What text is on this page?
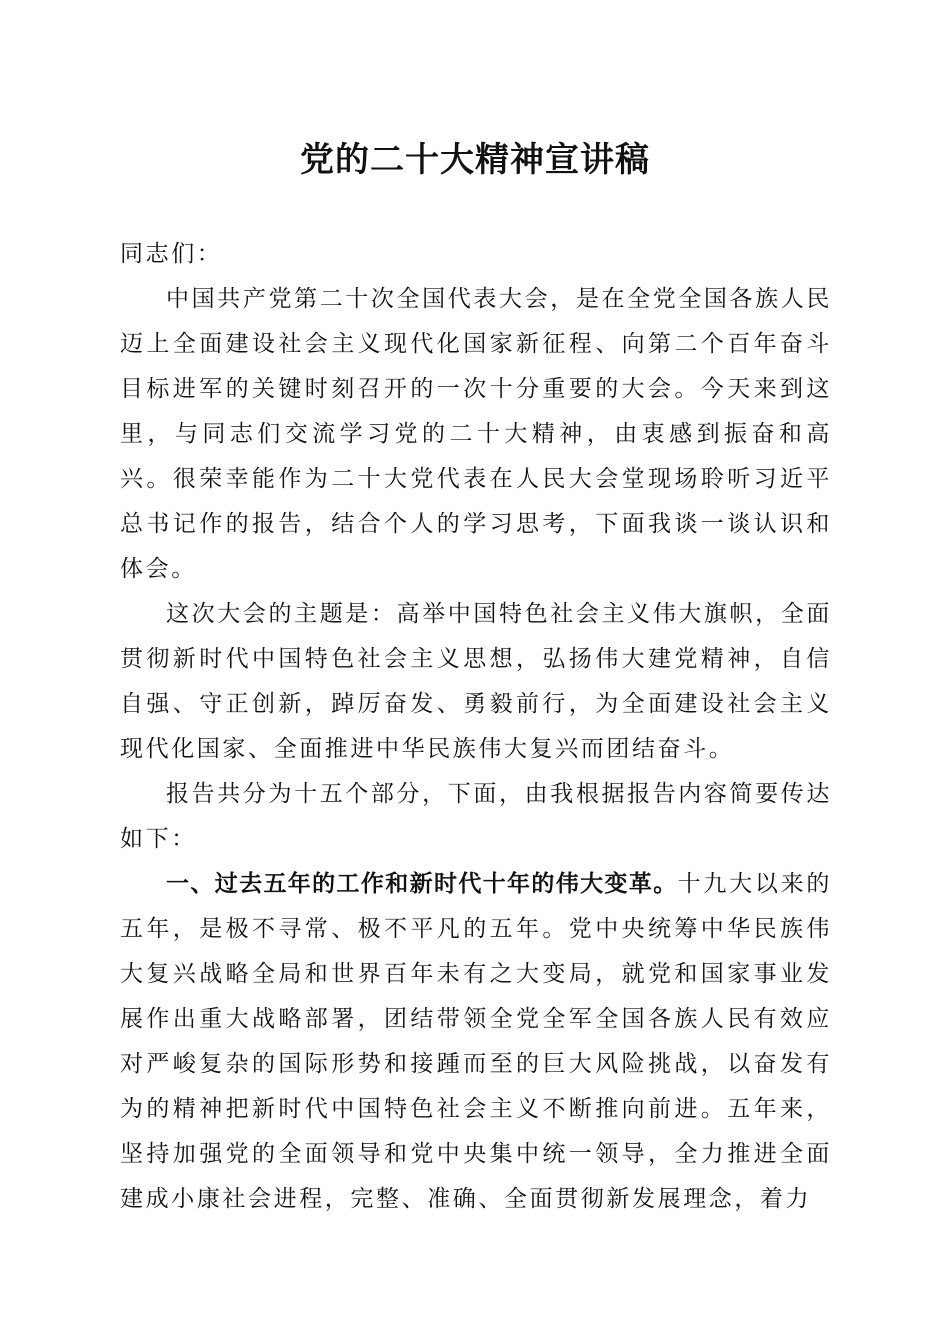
党的二十大精神宣讲稿

同志们：

中国共产党第二十次全国代表大会，是在全党全国各族人民迈上全面建设社会主义现代化国家新征程、向第二个百年奋斗目标进军的关键时刻召开的一次十分重要的大会。今天来到这里，与同志们交流学习党的二十大精神，由衷感到振奋和高兴。很荣幸能作为二十大党代表在人民大会堂现场聆听习近平总书记作的报告，结合个人的学习思考，下面我谈一谈认识和体会。

这次大会的主题是：高举中国特色社会主义伟大旗帜，全面贯彻新时代中国特色社会主义思想，弘扬伟大建党精神，自信自强、守正创新，踔厉奋发、勇毅前行，为全面建设社会主义现代化国家、全面推进中华民族伟大复兴而团结奋斗。

报告共分为十五个部分，下面，由我根据报告内容简要传达如下：

一、过去五年的工作和新时代十年的伟大变革。十九大以来的五年，是极不寻常、极不平凡的五年。党中央统筹中华民族伟大复兴战略全局和世界百年未有之大变局，就党和国家事业发展作出重大战略部署，团结带领全党全军全国各族人民有效应对严峻复杂的国际形势和接踵而至的巨大风险挑战，以奋发有为的精神把新时代中国特色社会主义不断推向前进。五年来，坚持加强党的全面领导和党中央集中统一领导，全力推进全面建成小康社会进程，完整、准确、全面贯彻新发展理念，着力
